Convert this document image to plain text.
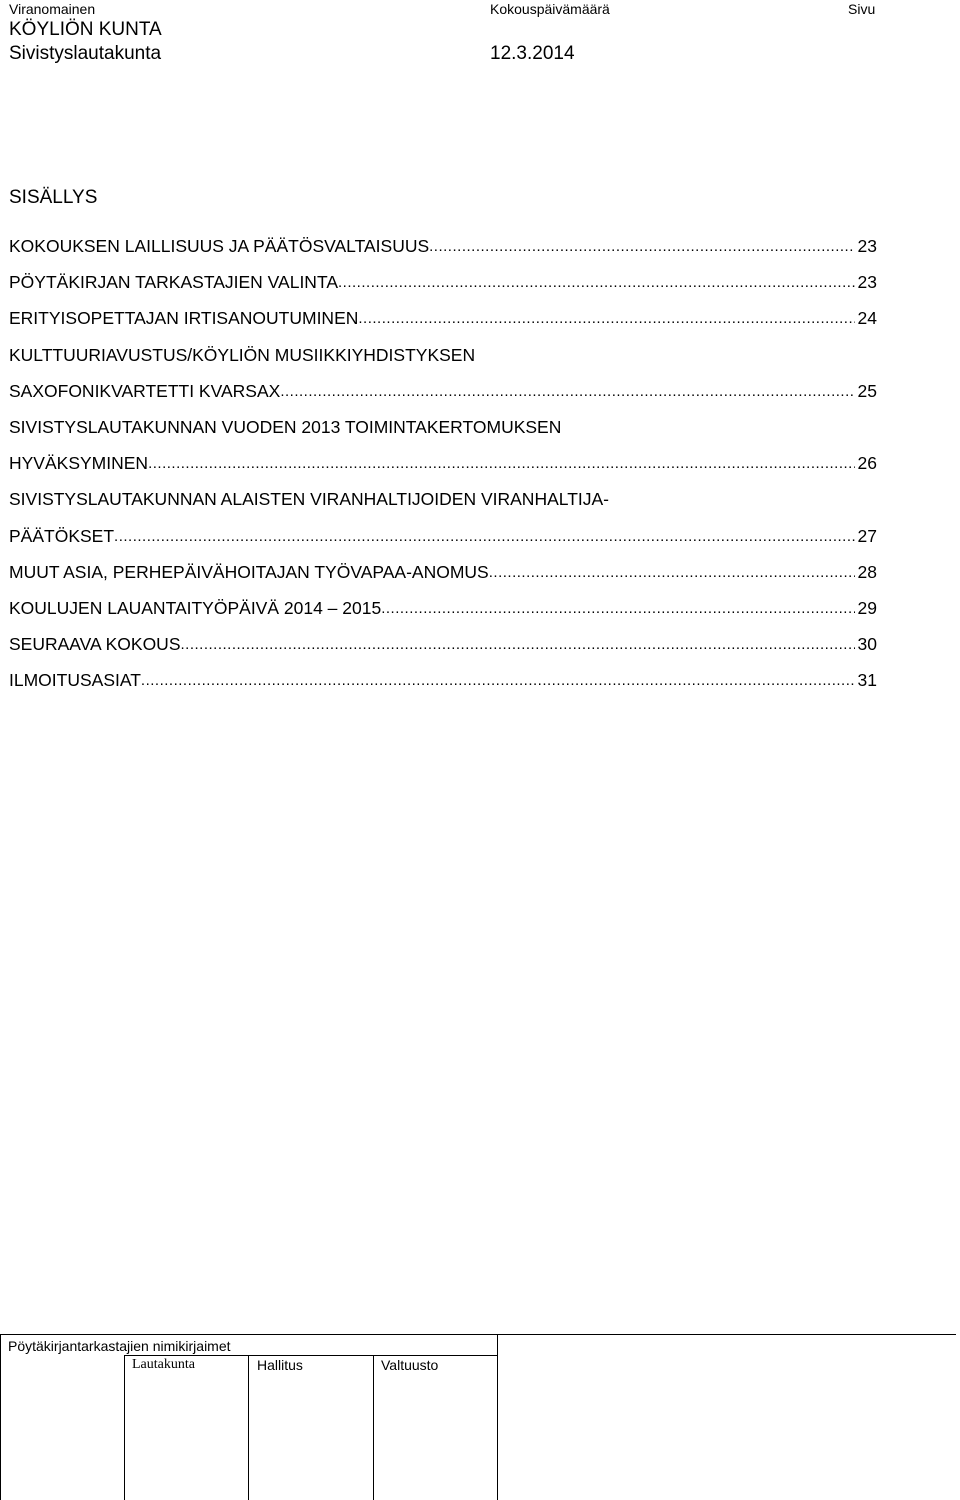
Viranomainen	Kokouspäivämäärä	Sivu
KÖYLIÖN KUNTA
Sivistyslautakunta	12.3.2014
SISÄLLYS
KOKOUKSEN LAILLISUUS JA PÄÄTÖSVALTAISUUS .....	23
PÖYTÄKIRJAN TARKASTAJIEN VALINTA .....	23
ERITYISOPETTAJAN IRTISANOUTUMINEN .....	24
KULTTUURIAVUSTUS/KÖYLIÖN MUSIIKKIYHDISTYKSEN
SAXOFONIKVARTETTI KVARSAX .....	25
SIVISTYSLAUTAKUNNAN VUODEN 2013 TOIMINTAKERTOMUKSEN
HYVÄKSYMINEN .....	26
SIVISTYSLAUTAKUNNAN ALAISTEN VIRANHALTIJOIDEN VIRANHALTIJA-
PÄÄTÖKSET .....	27
MUUT ASIA, PERHEPÄIVÄHOITAJAN TYÖVAPAA-ANOMUS .....	28
KOULUJEN LAUANTAITYÖPÄIVÄ 2014 – 2015 .....	29
SEURAAVA KOKOUS .....	30
ILMOITUSASIAT .....	31
Pöytäkirjantarkastajien nimikirjaimet
Lautakunta	Hallitus	Valtuusto
